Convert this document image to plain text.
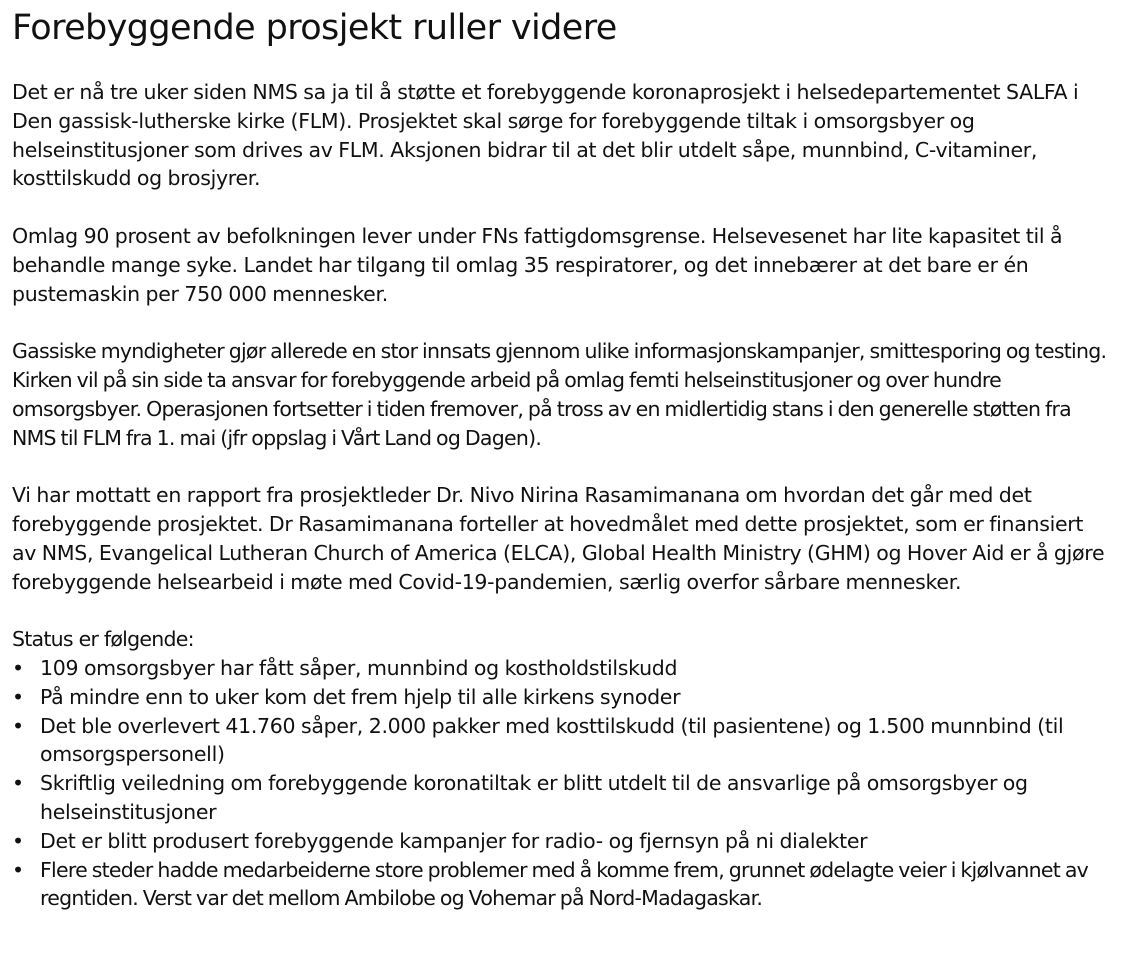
Forebyggende prosjekt ruller videre

Det er nå tre uker siden NMS sa ja til å støtte et forebyggende koronaprosjekt i helsedepartementet SALFA i Den gassisk-lutherske kirke (FLM). Prosjektet skal sørge for forebyggende tiltak i omsorgsbyer og helseinstitusjoner som drives av FLM. Aksjonen bidrar til at det blir utdelt såpe, munnbind, C-vitaminer, kosttilskudd og brosjyrer.

Omlag 90 prosent av befolkningen lever under FNs fattigdomsgrense. Helsevesenet har lite kapasitet til å behandle mange syke. Landet har tilgang til omlag 35 respiratorer, og det innebærer at det bare er én pustemaskin per 750 000 mennesker.

Gassiske myndigheter gjør allerede en stor innsats gjennom ulike informasjonskampanjer, smittesporing og testing. Kirken vil på sin side ta ansvar for forebyggende arbeid på omlag femti helseinstitusjoner og over hundre omsorgsbyer. Operasjonen fortsetter i tiden fremover, på tross av en midlertidig stans i den generelle støtten fra NMS til FLM fra 1. mai (jfr oppslag i Vårt Land og Dagen).

Vi har mottatt en rapport fra prosjektleder Dr. Nivo Nirina Rasamimanana om hvordan det går med det forebyggende prosjektet. Dr Rasamimanana forteller at hovedmålet med dette prosjektet, som er finansiert av NMS, Evangelical Lutheran Church of America (ELCA), Global Health Ministry (GHM) og Hover Aid er å gjøre forebyggende helsearbeid i møte med Covid-19-pandemien, særlig overfor sårbare mennesker.

Status er følgende:
• 109 omsorgsbyer har fått såper, munnbind og kostholdstilskudd
• På mindre enn to uker kom det frem hjelp til alle kirkens synoder
• Det ble overlevert 41.760 såper, 2.000 pakker med kosttilskudd (til pasientene) og 1.500 munnbind (til omsorgspersonell)
• Skriftlig veiledning om forebyggende koronatiltak er blitt utdelt til de ansvarlige på omsorgsbyer og helseinstitusjoner
• Det er blitt produsert forebyggende kampanjer for radio- og fjernsyn på ni dialekter
• Flere steder hadde medarbeiderne store problemer med å komme frem, grunnet ødelagte veier i kjølvannet av regntiden. Verst var det mellom Ambilobe og Vohemar på Nord-Madagaskar.
